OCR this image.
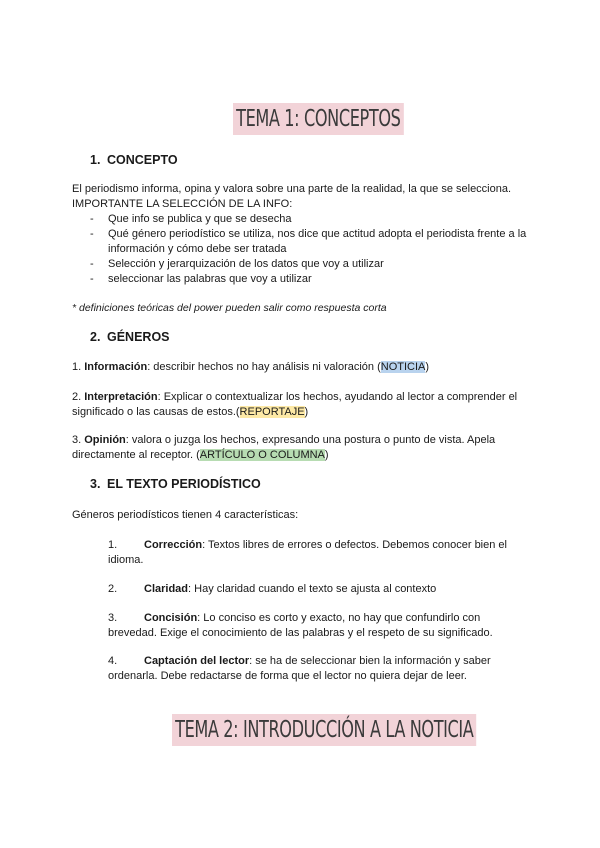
TEMA 1: CONCEPTOS
1. CONCEPTO

El periodismo informa, opina y valora sobre una parte de la realidad, la que se selecciona.

IMPORTANTE LA SELECCIÓN DE LA INFO:

- Que info se publica y que se desecha
- Qué género periodístico se utiliza, nos dice que actitud adopta el periodista frente a la información y cómo debe ser tratada
- Selección y jerarquización de los datos que voy a utilizar
- seleccionar las palabras que voy a utilizar
* definiciones teóricas del power pueden salir como respuesta corta
2. GÉNEROS
1. Información: describir hechos no hay análisis ni valoración (NOTICIA)
2. Interpretación: Explicar o contextualizar los hechos, ayudando al lector a comprender el significado o las causas de estos.(REPORTAJE)
3. Opinión: valora o juzga los hechos, expresando una postura o punto de vista. Apela directamente al receptor. (ARTÍCULO O COLUMNA)
3. EL TEXTO PERIODÍSTICO
Géneros periodísticos tienen 4 características:
1. Corrección: Textos libres de errores o defectos. Debemos conocer bien el idioma.
2. Claridad: Hay claridad cuando el texto se ajusta al contexto
3. Concisión: Lo conciso es corto y exacto, no hay que confundirlo con brevedad. Exige el conocimiento de las palabras y el respeto de su significado.
4. Captación del lector: se ha de seleccionar bien la información y saber ordenarla. Debe redactarse de forma que el lector no quiera dejar de leer.
TEMA 2: INTRODUCCIÓN A LA NOTICIA
